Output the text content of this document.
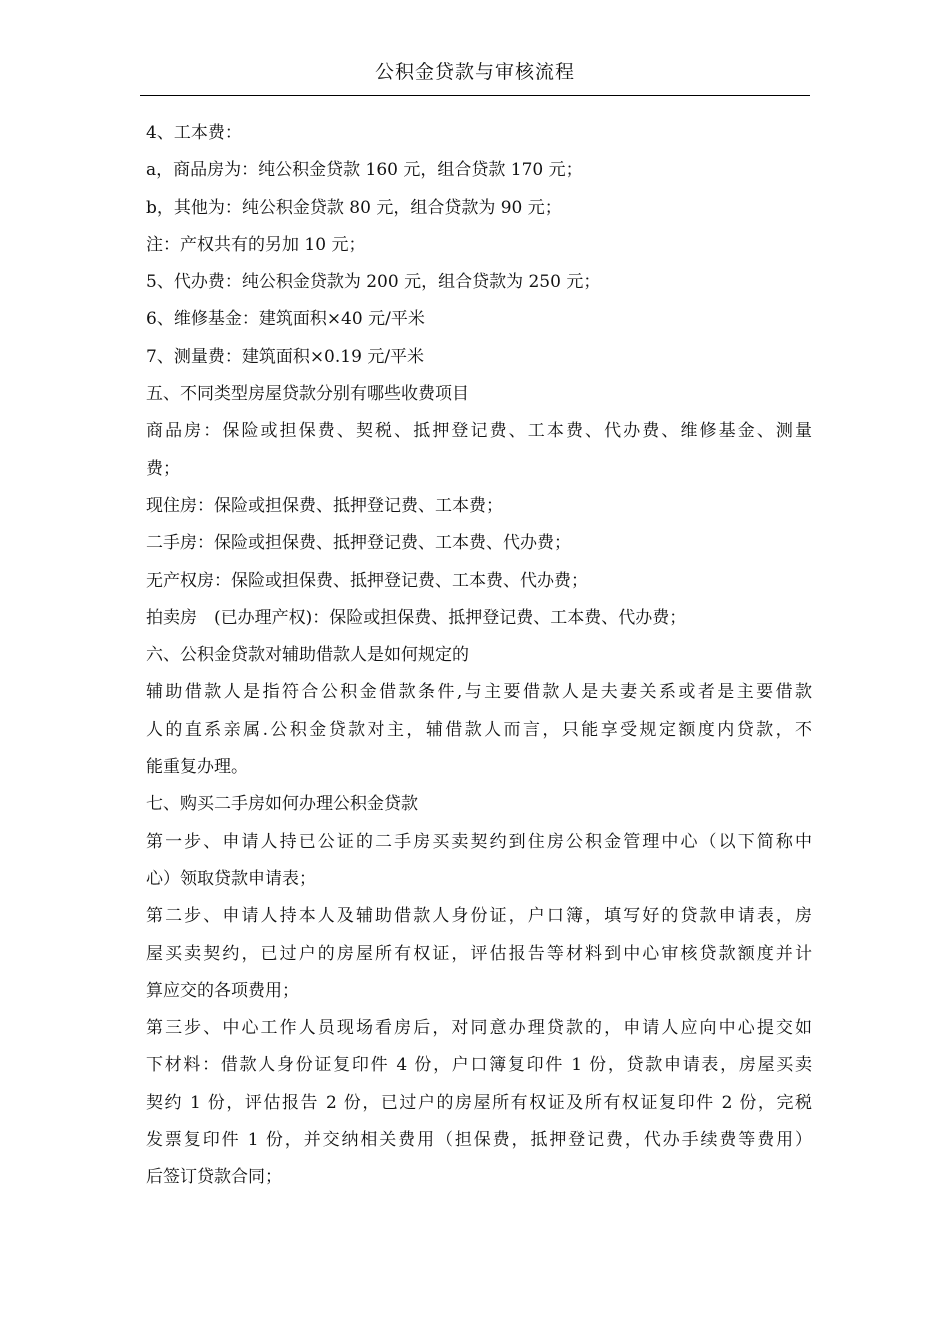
公积金贷款与审核流程
4、工本费：
a，商品房为：纯公积金贷款 160 元，组合贷款 170 元；
b，其他为：纯公积金贷款 80 元，组合贷款为 90 元；
注：产权共有的另加 10 元；
5、代办费：纯公积金贷款为 200 元，组合贷款为 250 元；
6、维修基金：建筑面积×40 元/平米
7、测量费：建筑面积×0.19 元/平米
五、不同类型房屋贷款分别有哪些收费项目
商品房：保险或担保费、契税、抵押登记费、工本费、代办费、维修基金、测量
费；
现住房：保险或担保费、抵押登记费、工本费；
二手房：保险或担保费、抵押登记费、工本费、代办费；
无产权房：保险或担保费、抵押登记费、工本费、代办费；
拍卖房　(已办理产权)：保险或担保费、抵押登记费、工本费、代办费；
六、公积金贷款对辅助借款人是如何规定的
辅助借款人是指符合公积金借款条件,与主要借款人是夫妻关系或者是主要借款
人的直系亲属.公积金贷款对主，辅借款人而言，只能享受规定额度内贷款，不
能重复办理。
七、购买二手房如何办理公积金贷款
第一步、申请人持已公证的二手房买卖契约到住房公积金管理中心（以下简称中
心）领取贷款申请表；
第二步、申请人持本人及辅助借款人身份证，户口簿，填写好的贷款申请表，房
屋买卖契约，已过户的房屋所有权证，评估报告等材料到中心审核贷款额度并计
算应交的各项费用；
第三步、中心工作人员现场看房后，对同意办理贷款的，申请人应向中心提交如
下材料：借款人身份证复印件 4 份，户口簿复印件 1 份，贷款申请表，房屋买卖
契约 1 份，评估报告 2 份，已过户的房屋所有权证及所有权证复印件 2 份，完税
发票复印件 1 份，并交纳相关费用（担保费，抵押登记费，代办手续费等费用）
后签订贷款合同；
